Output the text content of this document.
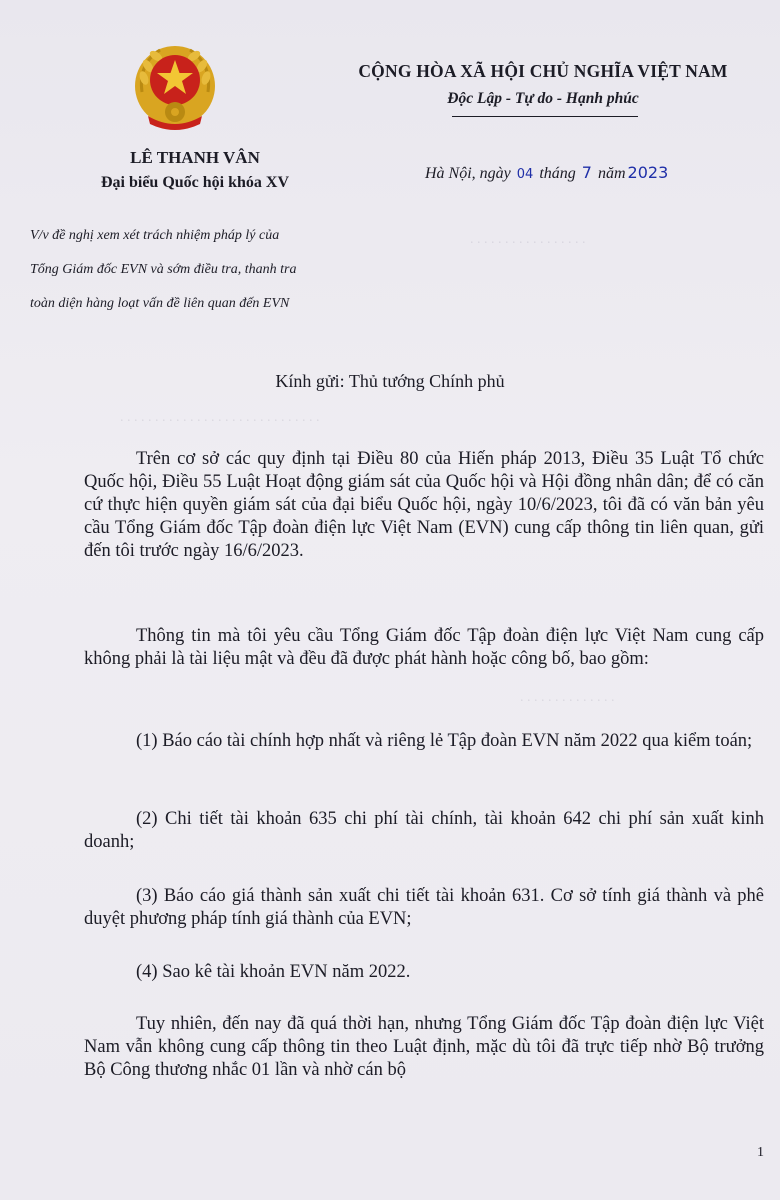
. . . . . . . . . . . . . . . . .
. . . . . . . . . . . . . . . . . . . . . . . . . . . . .
. . . . . . . . . . . . . .
LÊ THANH VÂN
Đại biểu Quốc hội khóa XV
CỘNG HÒA XÃ HỘI CHỦ NGHĨA VIỆT NAM
Độc Lập - Tự do - Hạnh phúc
Hà Nội, ngày 04 tháng 7 năm 2023
V/v đề nghị xem xét trách nhiệm pháp lý của
Tổng Giám đốc EVN và sớm điều tra, thanh tra
toàn diện hàng loạt vấn đề liên quan đến EVN
Kính gửi: Thủ tướng Chính phủ
Trên cơ sở các quy định tại Điều 80 của Hiến pháp 2013, Điều 35 Luật Tổ chức Quốc hội, Điều 55 Luật Hoạt động giám sát của Quốc hội và Hội đồng nhân dân; để có căn cứ thực hiện quyền giám sát của đại biểu Quốc hội, ngày 10/6/2023, tôi đã có văn bản yêu cầu Tổng Giám đốc Tập đoàn điện lực Việt Nam (EVN) cung cấp thông tin liên quan, gửi đến tôi trước ngày 16/6/2023.
Thông tin mà tôi yêu cầu Tổng Giám đốc Tập đoàn điện lực Việt Nam cung cấp không phải là tài liệu mật và đều đã được phát hành hoặc công bố, bao gồm:
(1) Báo cáo tài chính hợp nhất và riêng lẻ Tập đoàn EVN năm 2022 qua kiểm toán;
(2) Chi tiết tài khoản 635 chi phí tài chính, tài khoản 642 chi phí sản xuất kinh doanh;
(3) Báo cáo giá thành sản xuất chi tiết tài khoản 631. Cơ sở tính giá thành và phê duyệt phương pháp tính giá thành của EVN;
(4) Sao kê tài khoản EVN năm 2022.
Tuy nhiên, đến nay đã quá thời hạn, nhưng Tổng Giám đốc Tập đoàn điện lực Việt Nam vẫn không cung cấp thông tin theo Luật định, mặc dù tôi đã trực tiếp nhờ Bộ trưởng Bộ Công thương nhắc 01 lần và nhờ cán bộ
1
